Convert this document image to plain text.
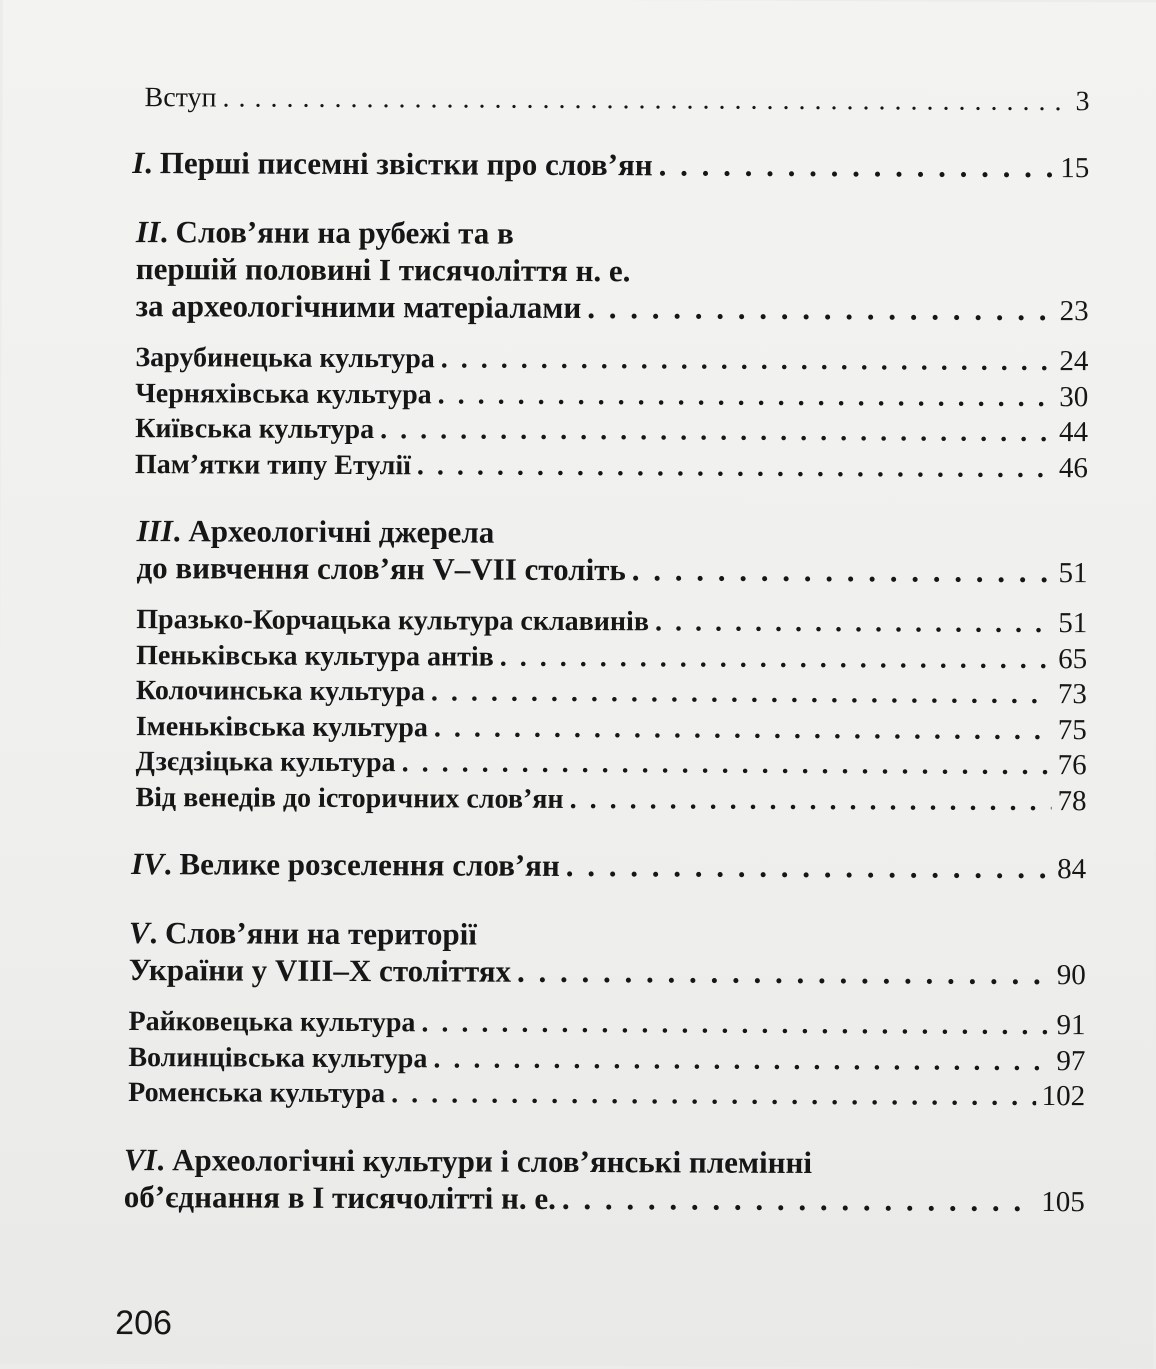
Вступ . . .	3
I. Перші писемні звістки про слов’ян . . .	15
II. Слов’яни на рубежі та в
першій половині I тисячоліття н. е.
за археологічними матеріалами . . .	23
Зарубинецька культура . . .	24
Черняхівська культура . . .	30
Київська культура . . .	44
Пам’ятки типу Етулії . . .	46
III. Археологічні джерела
до вивчення слов’ян V–VII століть . . .	51
Празько-Корчацька культура склавинів . . .	51
Пеньківська культура антів . . .	65
Колочинська культура . . .	73
Іменьківська культура . . .	75
Дзєдзіцька культура . . .	76
Від венедів до історичних слов’ян . . .	78
IV. Велике розселення слов’ян . . .	84
V. Слов’яни на території
України у VIII–X століттях . . .	90
Райковецька культура . . .	91
Волинцівська культура . . .	97
Роменська культура . . .	102
VI. Археологічні культури і слов’янські племінні
об’єднання в I тисячолітті н. е. . . .	105
206
